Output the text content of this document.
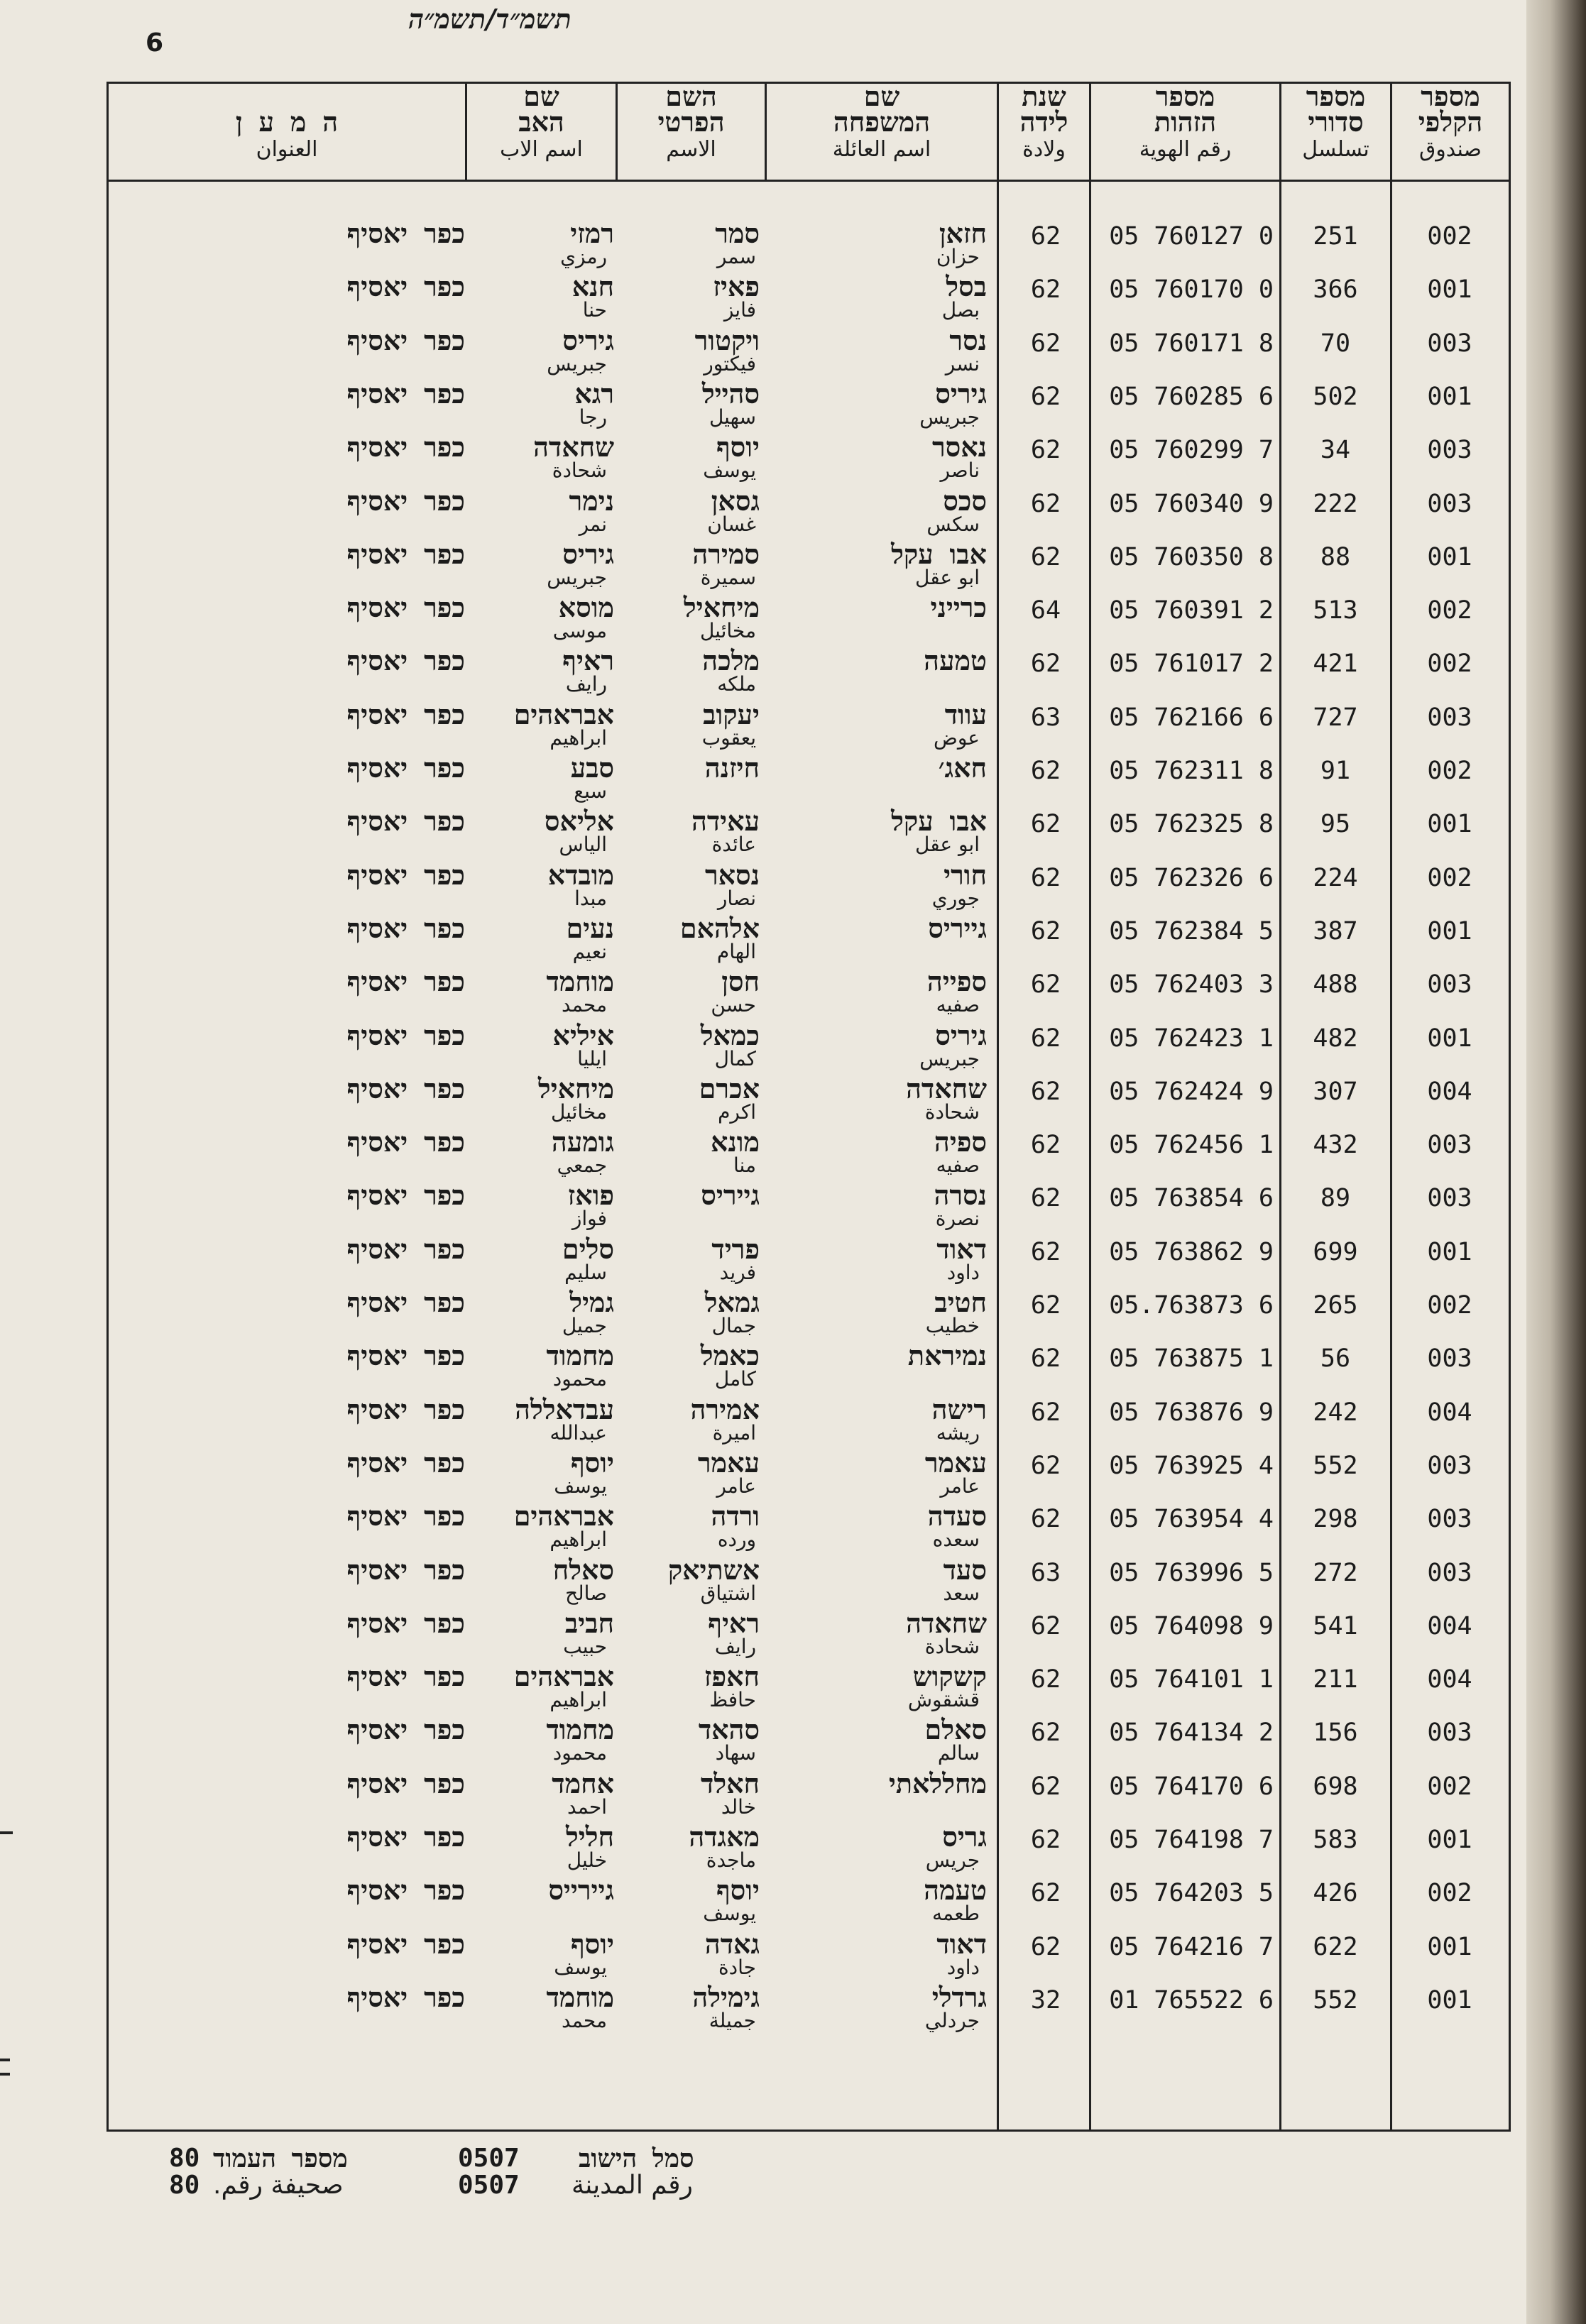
תשמ״ד/תשמ״ה
6
מספר
הקלפי
صندوق
מספר
סדורי
تسلسل
מספר
הזהות
رقم الهوية
שנת
לידה
ولادة
שם
המשפחה
اسم العائلة
השם
הפרטי
الاسم
שם
האב
اسم الاب
ה מ ע ן
العنوان
002
251
05 760127 0
62
חזאן
حزان
סמר
سمر
רמזי
رمزي
כפר יאסיף
001
366
05 760170 0
62
בסל
بصل
פאיז
فايز
חנא
حنا
כפר יאסיף
003
70
05 760171 8
62
נסר
نسر
ויקטור
فيكتور
גיריס
جبريس
כפר יאסיף
001
502
05 760285 6
62
גיריס
جبريس
סהייל
سهيل
רגא
رجا
כפר יאסיף
003
34
05 760299 7
62
נאסר
ناصر
יוסף
يوسف
שחאדה
شحادة
כפר יאסיף
003
222
05 760340 9
62
סכס
سكس
גסאן
غسان
נימר
نمر
כפר יאסיף
001
88
05 760350 8
62
אבו עקל
ابو عقل
סמירה
سميرة
גיריס
جبريس
כפר יאסיף
002
513
05 760391 2
64
כרייני
מיחאיל
مخائيل
מוסא
موسى
כפר יאסיף
002
421
05 761017 2
62
טמעה
מלכה
ملكه
ראיף
رايف
כפר יאסיף
003
727
05 762166 6
63
עווד
عوض
יעקוב
يعقوب
אבראהים
ابراهيم
כפר יאסיף
002
91
05 762311 8
62
חאג׳
חיזנה
סבע
سبع
כפר יאסיף
001
95
05 762325 8
62
אבו עקל
ابو عقل
עאידה
عائدة
אליאס
الياس
כפר יאסיף
002
224
05 762326 6
62
חורי
جوري
נסאר
نصار
מובדא
مبدا
כפר יאסיף
001
387
05 762384 5
62
גייריס
אלהאם
الهام
נעים
نعيم
כפר יאסיף
003
488
05 762403 3
62
ספייה
صفيه
חסן
حسن
מוחמד
محمد
כפר יאסיף
001
482
05 762423 1
62
גיריס
جبريس
כמאל
كمال
איליא
ايليا
כפר יאסיף
004
307
05 762424 9
62
שחאדה
شحادة
אכרם
اكرم
מיחאיל
مخائيل
כפר יאסיף
003
432
05 762456 1
62
ספיה
صفيه
מונא
منا
גומעה
جمعي
כפר יאסיף
003
89
05 763854 6
62
נסרה
نصرة
גייריס
פואז
فواز
כפר יאסיף
001
699
05 763862 9
62
דאוד
داود
פריד
فريد
סלים
سليم
כפר יאסיף
002
265
05.763873 6
62
חטיב
خطيب
גמאל
جمال
גמיל
جميل
כפר יאסיף
003
56
05 763875 1
62
נמיראת
כאמל
كامل
מחמוד
محمود
כפר יאסיף
004
242
05 763876 9
62
רישה
ريشه
אמירה
اميرة
עבדאללה
عبدالله
כפר יאסיף
003
552
05 763925 4
62
עאמר
عامر
עאמר
عامر
יוסף
يوسف
כפר יאסיף
003
298
05 763954 4
62
סעדה
سعده
ורדה
ورده
אבראהים
ابراهيم
כפר יאסיף
003
272
05 763996 5
63
סעד
سعد
אשתיאק
اشتياق
סאלח
صالح
כפר יאסיף
004
541
05 764098 9
62
שחאדה
شحادة
ראיף
رايف
חביב
حبيب
כפר יאסיף
004
211
05 764101 1
62
קשקוש
قشقوش
חאפז
حافظ
אבראהים
ابراهيم
כפר יאסיף
003
156
05 764134 2
62
סאלם
سالم
סהאד
سهاد
מחמוד
محمود
כפר יאסיף
002
698
05 764170 6
62
מחללאתי
חאלד
خالد
אחמד
احمد
כפר יאסיף
001
583
05 764198 7
62
גריס
جريس
מאגדה
ماجدة
חליל
خليل
כפר יאסיף
002
426
05 764203 5
62
טעמה
طعمه
יוסף
يوسف
גיירייס
כפר יאסיף
001
622
05 764216 7
62
דאוד
داود
גאדה
جادة
יוסף
يوسف
כפר יאסיף
001
552
01 765522 6
32
גרדלי
جردلي
גימילה
جميلة
מוחמד
محمد
כפר יאסיף
סמל הישוב
رقم المدينة
0507
0507
מספר העמוד
صحيفة رقم.
80
80
